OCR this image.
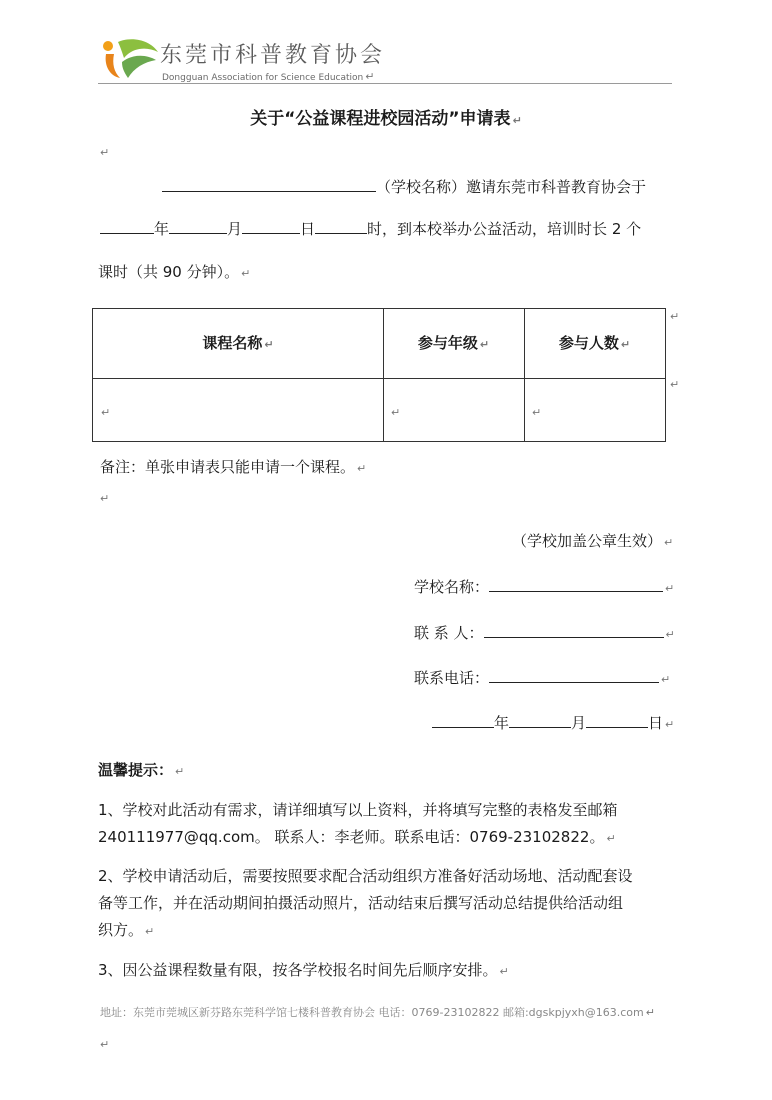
东莞市科普教育协会
Dongguan Association for Science Education ↵
关于“公益课程进校园活动”申请表 ↵
↵
（学校名称）邀请东莞市科普教育协会于
年	月	日	时，到本校举办公益活动，培训时长 2 个
课时（共 90 分钟）。 ↵
课程名称 ↵	参与年级 ↵	参与人数 ↵
↵	↵	↵
↵
↵
备注：单张申请表只能申请一个课程。 ↵
↵
（学校加盖公章生效） ↵
学校名称：	↵
联 系 人：	↵
联系电话：	↵
年	月	日 ↵
温馨提示： ↵
1、学校对此活动有需求，请详细填写以上资料，并将填写完整的表格发至邮箱
240111977@qq.com。 联系人：李老师。联系电话：0769-23102822。 ↵
2、学校申请活动后，需要按照要求配合活动组织方准备好活动场地、活动配套设
备等工作，并在活动期间拍摄活动照片，活动结束后撰写活动总结提供给活动组
织方。 ↵
3、因公益课程数量有限，按各学校报名时间先后顺序安排。 ↵
地址：东莞市莞城区新芬路东莞科学馆七楼科普教育协会 电话：0769-23102822 邮箱:dgskpjyxh@163.com ↵
↵
